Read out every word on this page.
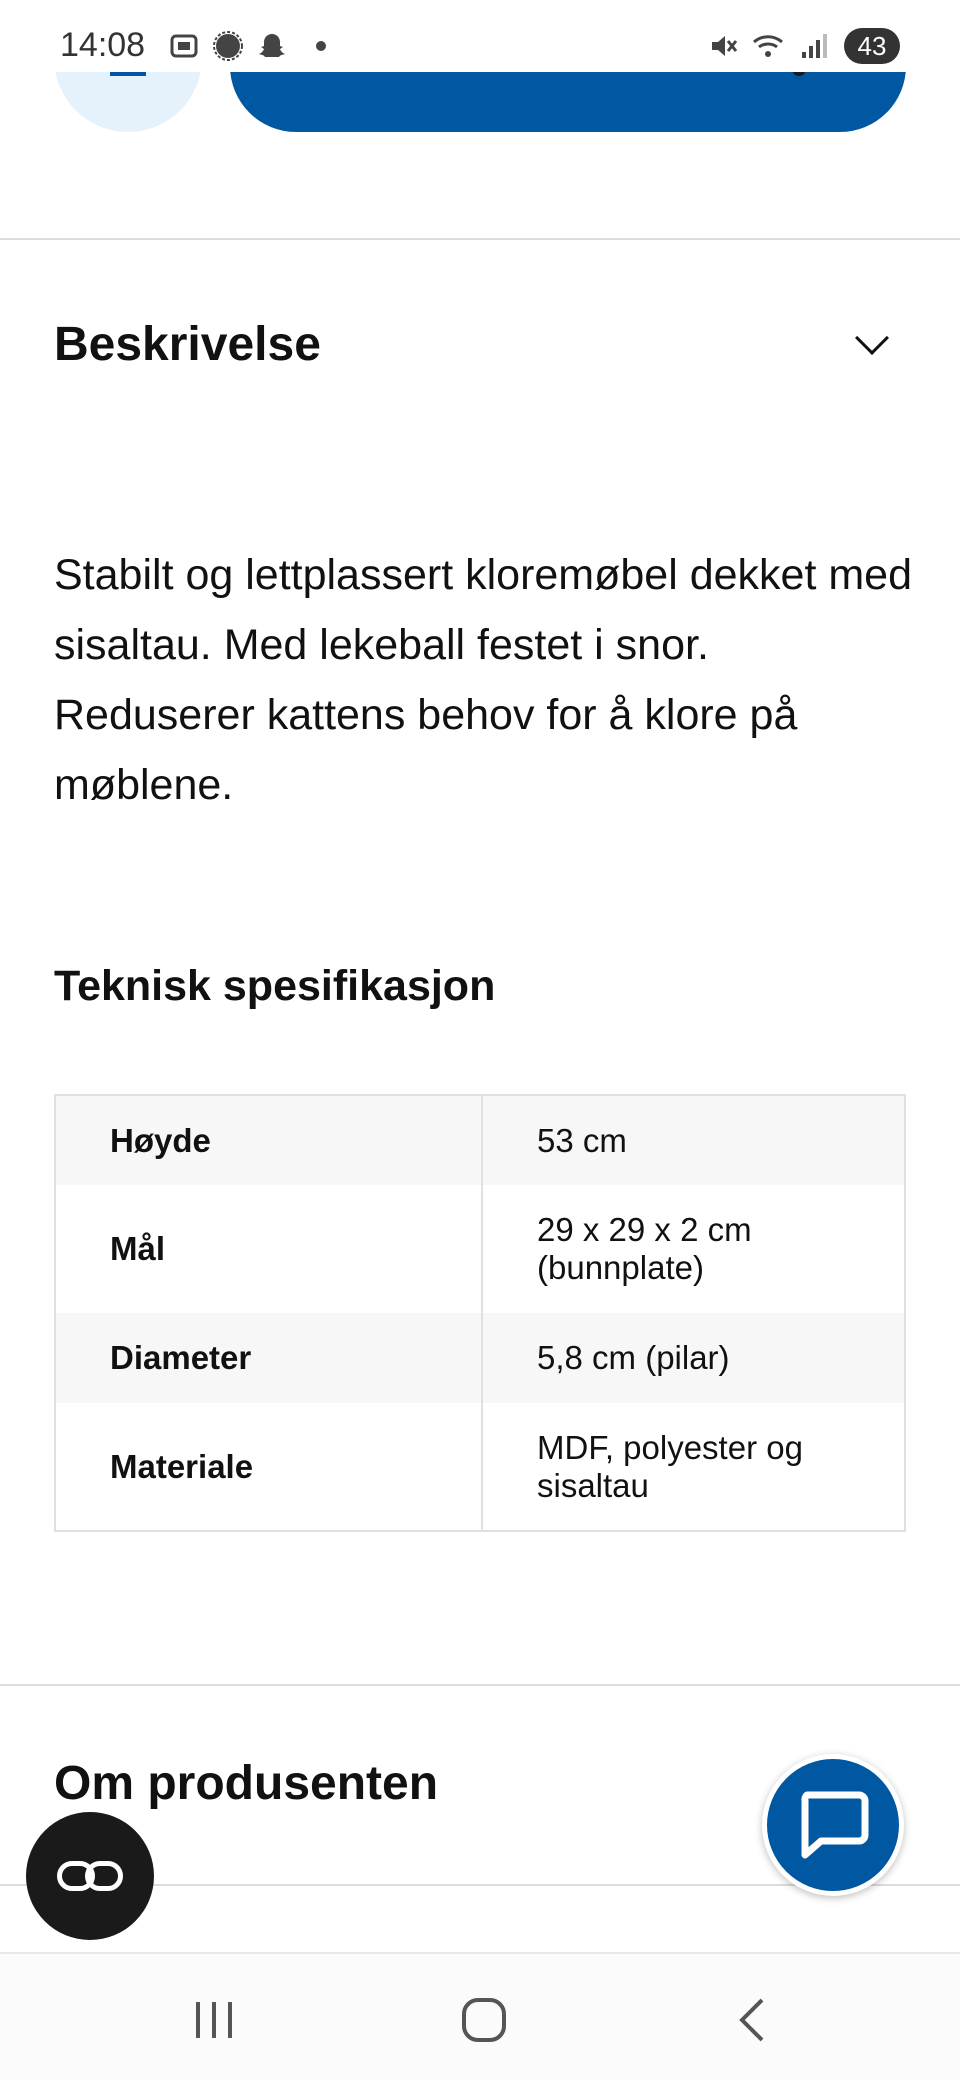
14:08	43
Beskrivelse

Stabilt og lettplassert kloremøbel dekket med sisaltau. Med lekeball festet i snor. Reduserer kattens behov for å klore på møblene.

Teknisk spesifikasjon
Høyde	53 cm
Mål	29 x 29 x 2 cm (bunnplate)
Diameter	5,8 cm (pilar)
Materiale	MDF, polyester og sisaltau
Om produsenten
